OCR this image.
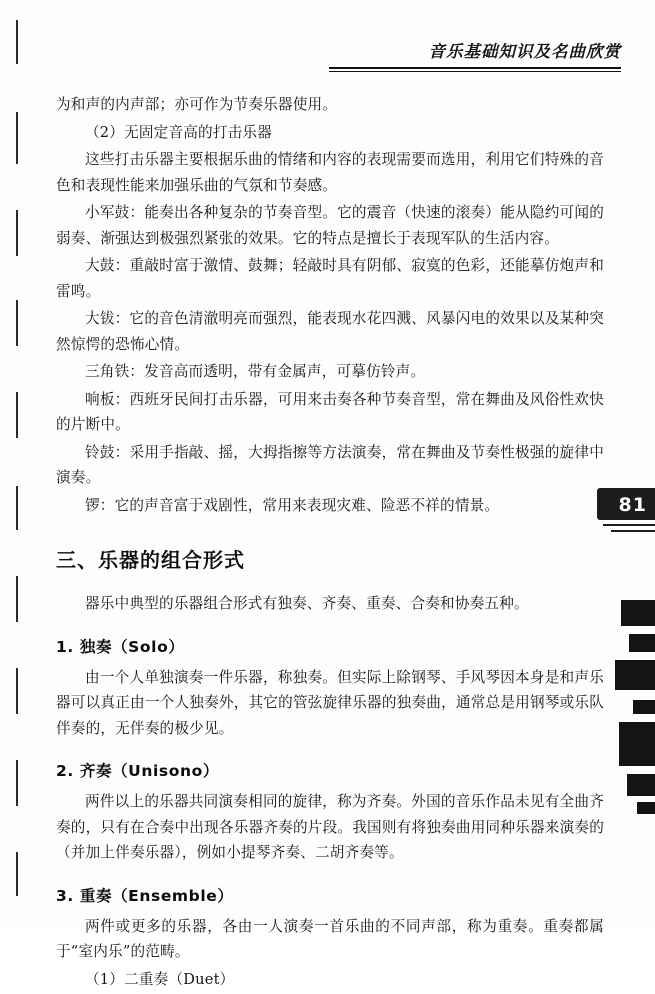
音乐基础知识及名曲欣赏

为和声的内声部；亦可作为节奏乐器使用。

（2）无固定音高的打击乐器

这些打击乐器主要根据乐曲的情绪和内容的表现需要而选用，利用它们特殊的音色和表现性能来加强乐曲的气氛和节奏感。

小军鼓：能奏出各种复杂的节奏音型。它的震音（快速的滚奏）能从隐约可闻的弱奏、渐强达到极强烈紧张的效果。它的特点是擅长于表现军队的生活内容。

大鼓：重敲时富于激情、鼓舞；轻敲时具有阴郁、寂寞的色彩，还能摹仿炮声和雷鸣。

大钹：它的音色清澈明亮而强烈，能表现水花四溅、风暴闪电的效果以及某种突然惊愕的恐怖心情。

三角铁：发音高而透明，带有金属声，可摹仿铃声。

响板：西班牙民间打击乐器，可用来击奏各种节奏音型，常在舞曲及风俗性欢快的片断中。

铃鼓：采用手指敲、摇，大拇指擦等方法演奏，常在舞曲及节奏性极强的旋律中演奏。

锣：它的声音富于戏剧性，常用来表现灾难、险恶不祥的情景。

三、乐器的组合形式

器乐中典型的乐器组合形式有独奏、齐奏、重奏、合奏和协奏五种。

1. 独奏（Solo）

由一个人单独演奏一件乐器，称独奏。但实际上除钢琴、手风琴因本身是和声乐器可以真正由一个人独奏外，其它的管弦旋律乐器的独奏曲，通常总是用钢琴或乐队伴奏的，无伴奏的极少见。

2. 齐奏（Unisono）

两件以上的乐器共同演奏相同的旋律，称为齐奏。外国的音乐作品未见有全曲齐奏的，只有在合奏中出现各乐器齐奏的片段。我国则有将独奏曲用同种乐器来演奏的（并加上伴奏乐器），例如小提琴齐奏、二胡齐奏等。

3. 重奏（Ensemble）

两件或更多的乐器，各由一人演奏一首乐曲的不同声部，称为重奏。重奏都属于“室内乐”的范畴。

（1）二重奏（Duet）

81
